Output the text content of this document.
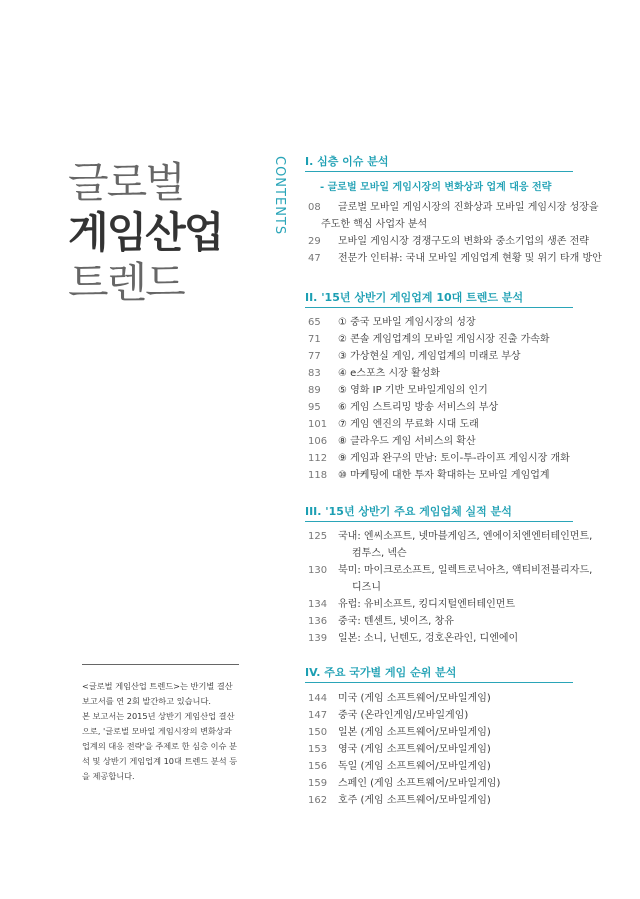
글로벌
게임산업
트렌드
CONTENTS I. 심층 이슈 분석
- 글로벌 모바일 게임시장의 변화상과 업계 대응 전략
08 글로벌 모바일 게임시장의 진화상과 모바일 게임시장 성장을
주도한 핵심 사업자 분석
29 모바일 게임시장 경쟁구도의 변화와 중소기업의 생존 전략
47 전문가 인터뷰: 국내 모바일 게임업계 현황 및 위기 타개 방안
II. '15년 상반기 게임업계 10대 트렌드 분석
65 ① 중국 모바일 게임시장의 성장
71 ② 콘솔 게임업계의 모바일 게임시장 진출 가속화
77 ③ 가상현실 게임, 게임업계의 미래로 부상
83 ④ e스포츠 시장 활성화
89 ⑤ 영화 IP 기반 모바일게임의 인기
95 ⑥ 게임 스트리밍 방송 서비스의 부상
101 ⑦ 게임 엔진의 무료화 시대 도래
106 ⑧ 클라우드 게임 서비스의 확산
112 ⑨ 게임과 완구의 만남: 토이-투-라이프 게임시장 개화
118 ⑩ 마케팅에 대한 투자 확대하는 모바일 게임업계
III. '15년 상반기 주요 게임업체 실적 분석
125 국내: 엔씨소프트, 넷마블게임즈, 엔에이치엔엔터테인먼트,
컴투스, 넥슨
130 북미: 마이크로소프트, 일렉트로닉아츠, 액티비전블리자드,
디즈니
134 유럽: 유비소프트, 킹디지털엔터테인먼트
136 중국: 텐센트, 넷이즈, 창유
139 일본: 소니, 닌텐도, 겅호온라인, 디엔에이
IV. 주요 국가별 게임 순위 분석
144 미국 (게임 소프트웨어/모바일게임)
147 중국 (온라인게임/모바일게임)
150 일본 (게임 소프트웨어/모바일게임)
153 영국 (게임 소프트웨어/모바일게임)
156 독일 (게임 소프트웨어/모바일게임)
159 스페인 (게임 소프트웨어/모바일게임)
162 호주 (게임 소프트웨어/모바일게임)

<글로벌 게임산업 트렌드>는 반기별 결산 보고서를 연 2회 발간하고 있습니다.

본 보고서는 2015년 상반기 게임산업 결산으로, '글로벌 모바일 게임시장의 변화상과 업계의 대응 전략'을 주제로 한 심층 이슈 분석 및 상반기 게임업계 10대 트렌드 분석 등을 제공합니다.
